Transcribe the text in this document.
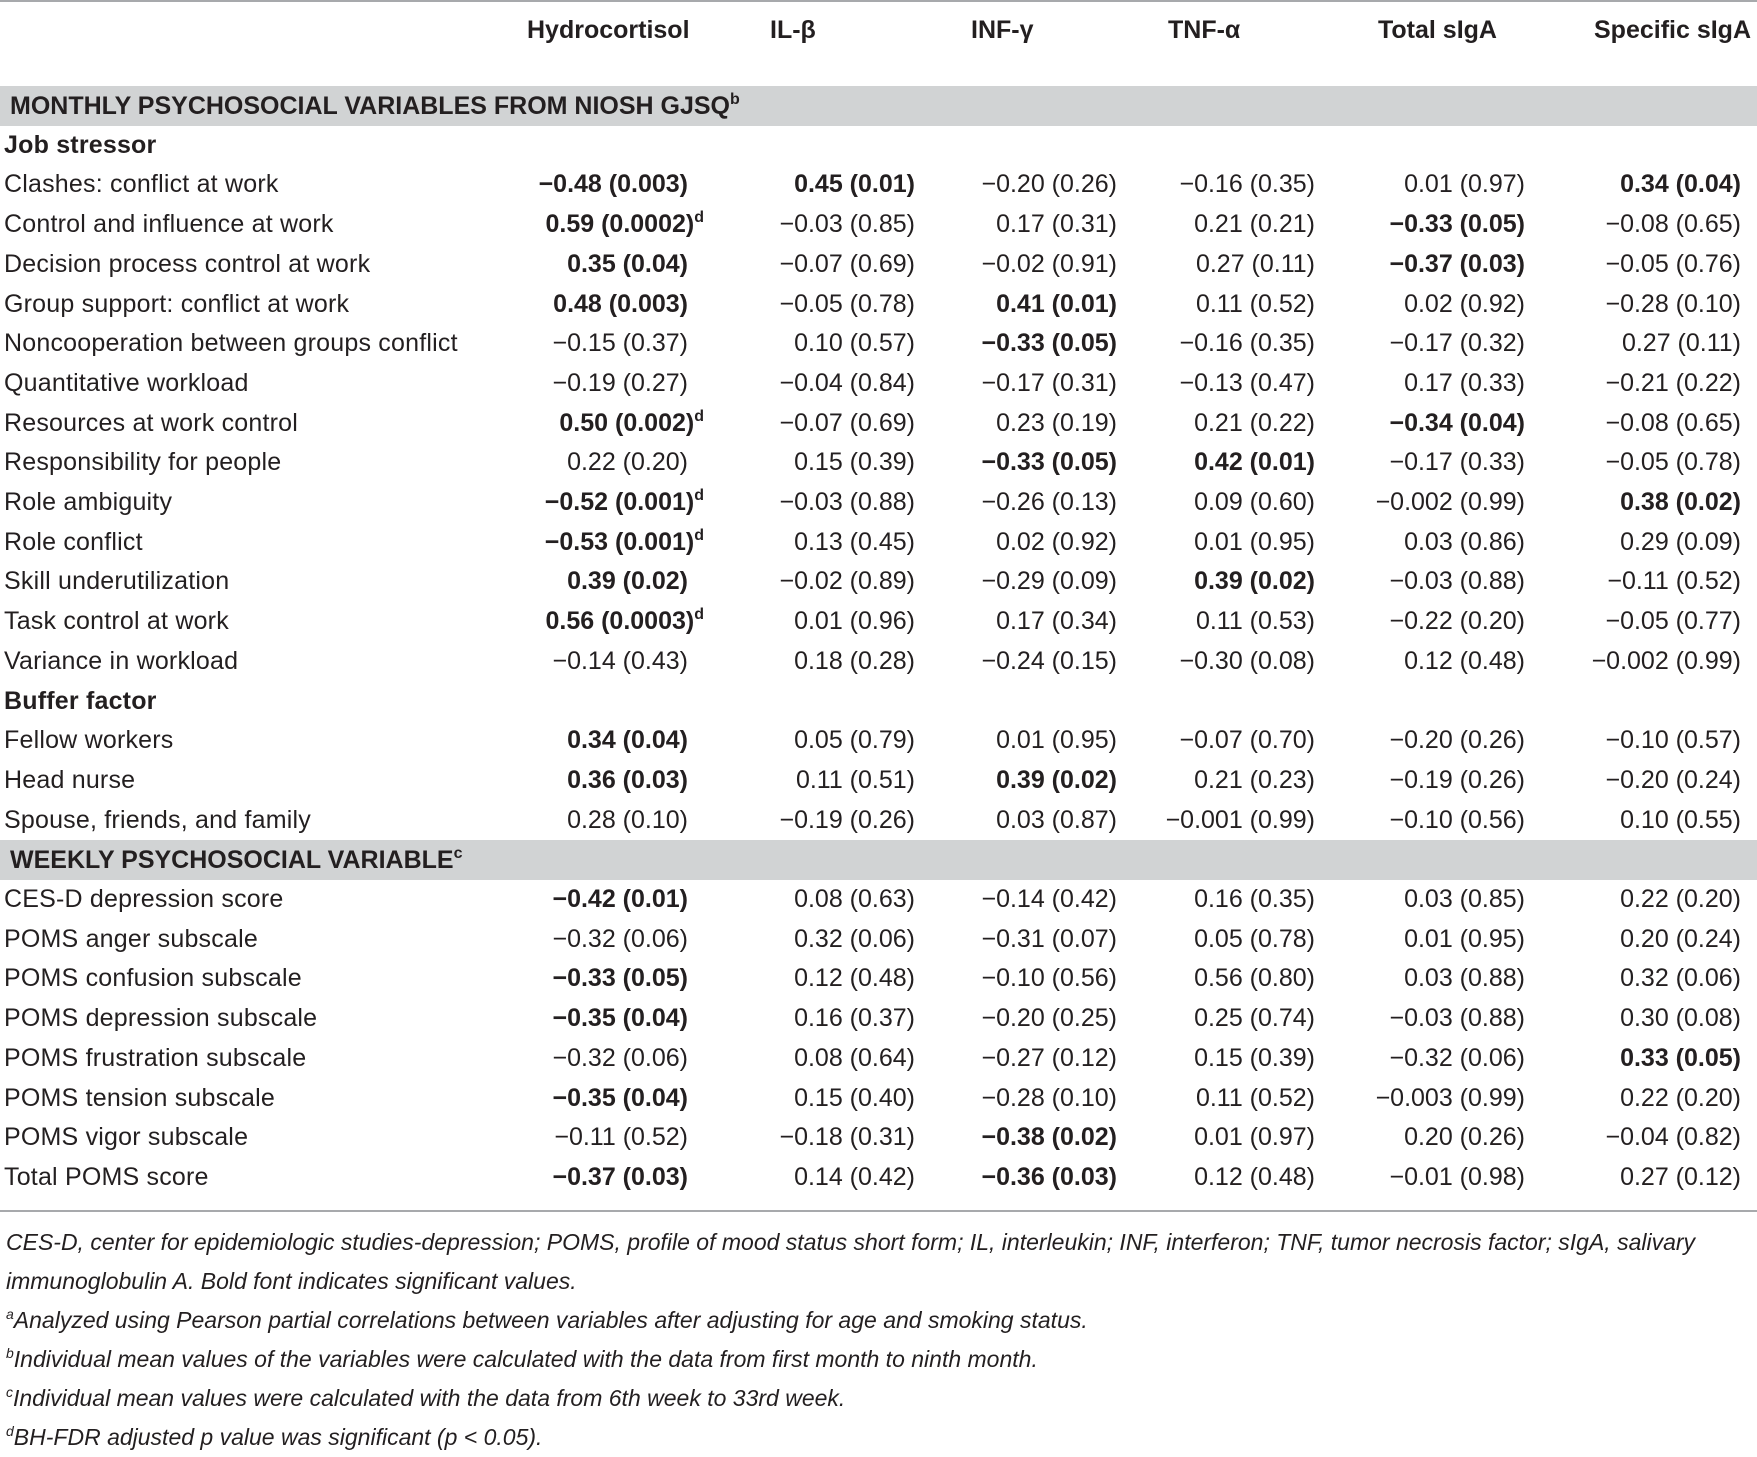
Hydrocortisol	IL-β	INF-γ	TNF-α	Total sIgA	Specific sIgA
MONTHLY PSYCHOSOCIAL VARIABLES FROM NIOSH GJSQ$^b$
Job stressor
Clashes: conflict at work	−0.48 (0.003)	0.45 (0.01)	−0.20 (0.26) −0.16 (0.35)	0.01 (0.97)	0.34 (0.04)
Control and influence at work	0.59 $(0.0002)^d$	−0.03 (0.85)	0.17 (0.31)	0.21 (0.21)	−0.33 (0.05)	−0.08 (0.65)
Decision process control at work	0.35 (0.04)	−0.07 (0.69)	−0.02 (0.91)	0.27 (0.11)	−0.37 (0.03)	−0.05 (0.76)
Group support: conflict at work	0.48 (0.003)	−0.05 (0.78)	0.41 (0.01)	0.11 (0.52)	0.02 (0.92)	−0.28 (0.10)
Noncooperation between groups conflict	−0.15 (0.37)	0.10 (0.57)	−0.33 (0.05) −0.16 (0.35)	−0.17 (0.32)	0.27 (0.11)
Quantitative workload	−0.19 (0.27)	−0.04 (0.84)	−0.17 (0.31) −0.13 (0.47)	0.17 (0.33)	−0.21 (0.22)
Resources at work control	0.50 $(0.002)^d$	−0.07 (0.69)	0.23 (0.19)	0.21 (0.22)	−0.34 (0.04)	−0.08 (0.65)
Responsibility for people	0.22 (0.20)	0.15 (0.39)	−0.33 (0.05)	0.42 (0.01)	−0.17 (0.33)	−0.05 (0.78)
Role ambiguity	−0.52 $(0.001)^d$	−0.03 (0.88)	−0.26 (0.13)	0.09 (0.60) −0.002 (0.99)	0.38 (0.02)
Role conflict	−0.53 $(0.001)^d$	0.13 (0.45)	0.02 (0.92)	0.01 (0.95)	0.03 (0.86)	0.29 (0.09)
Skill underutilization	0.39 (0.02)	−0.02 (0.89)	−0.29 (0.09)	0.39 (0.02)	−0.03 (0.88)	−0.11 (0.52)
Task control at work	0.56 $(0.0003)^d$	0.01 (0.96)	0.17 (0.34)	0.11 (0.53)	−0.22 (0.20)	−0.05 (0.77)
Variance in workload	−0.14 (0.43)	0.18 (0.28)	−0.24 (0.15) −0.30 (0.08)	0.12 (0.48)	−0.002 (0.99)
Buffer factor
Fellow workers	0.34 (0.04)	0.05 (0.79)	0.01 (0.95) −0.07 (0.70)	−0.20 (0.26)	−0.10 (0.57)
Head nurse	0.36 (0.03)	0.11 (0.51)	0.39 (0.02)	0.21 (0.23)	−0.19 (0.26)	−0.20 (0.24)
Spouse, friends, and family	0.28 (0.10)	−0.19 (0.26)	0.03 (0.87) −0.001 (0.99)	−0.10 (0.56)	0.10 (0.55)
WEEKLY PSYCHOSOCIAL VARIABLE$^c$
CES-D depression score	−0.42 (0.01)	0.08 (0.63)	−0.14 (0.42)	0.16 (0.35)	0.03 (0.85)	0.22 (0.20)
POMS anger subscale	−0.32 (0.06)	0.32 (0.06)	−0.31 (0.07)	0.05 (0.78)	0.01 (0.95)	0.20 (0.24)
POMS confusion subscale	−0.33 (0.05)	0.12 (0.48)	−0.10 (0.56)	0.56 (0.80)	0.03 (0.88)	0.32 (0.06)
POMS depression subscale	−0.35 (0.04)	0.16 (0.37)	−0.20 (0.25)	0.25 (0.74)	−0.03 (0.88)	0.30 (0.08)
POMS frustration subscale	−0.32 (0.06)	0.08 (0.64)	−0.27 (0.12)	0.15 (0.39)	−0.32 (0.06)	0.33 (0.05)
POMS tension subscale	−0.35 (0.04)	0.15 (0.40)	−0.28 (0.10)	0.11 (0.52) −0.003 (0.99)	0.22 (0.20)
POMS vigor subscale	−0.11 (0.52)	−0.18 (0.31)	−0.38 (0.02)	0.01 (0.97)	0.20 (0.26)	−0.04 (0.82)
Total POMS score	−0.37 (0.03)	0.14 (0.42)	−0.36 (0.03)	0.12 (0.48)	−0.01 (0.98)	0.27 (0.12)

CES-D, center for epidemiologic studies-depression; POMS, profile of mood status short form; IL, interleukin; INF, interferon; TNF, tumor necrosis factor; sIgA, salivary immunoglobulin A. Bold font indicates significant values.

$^a$Analyzed using Pearson partial correlations between variables after adjusting for age and smoking status.

$^b$Individual mean values of the variables were calculated with the data from first month to ninth month.

$^c$Individual mean values were calculated with the data from 6th week to 33rd week.

$^d$BH-FDR adjusted p value was significant (p < 0.05).
